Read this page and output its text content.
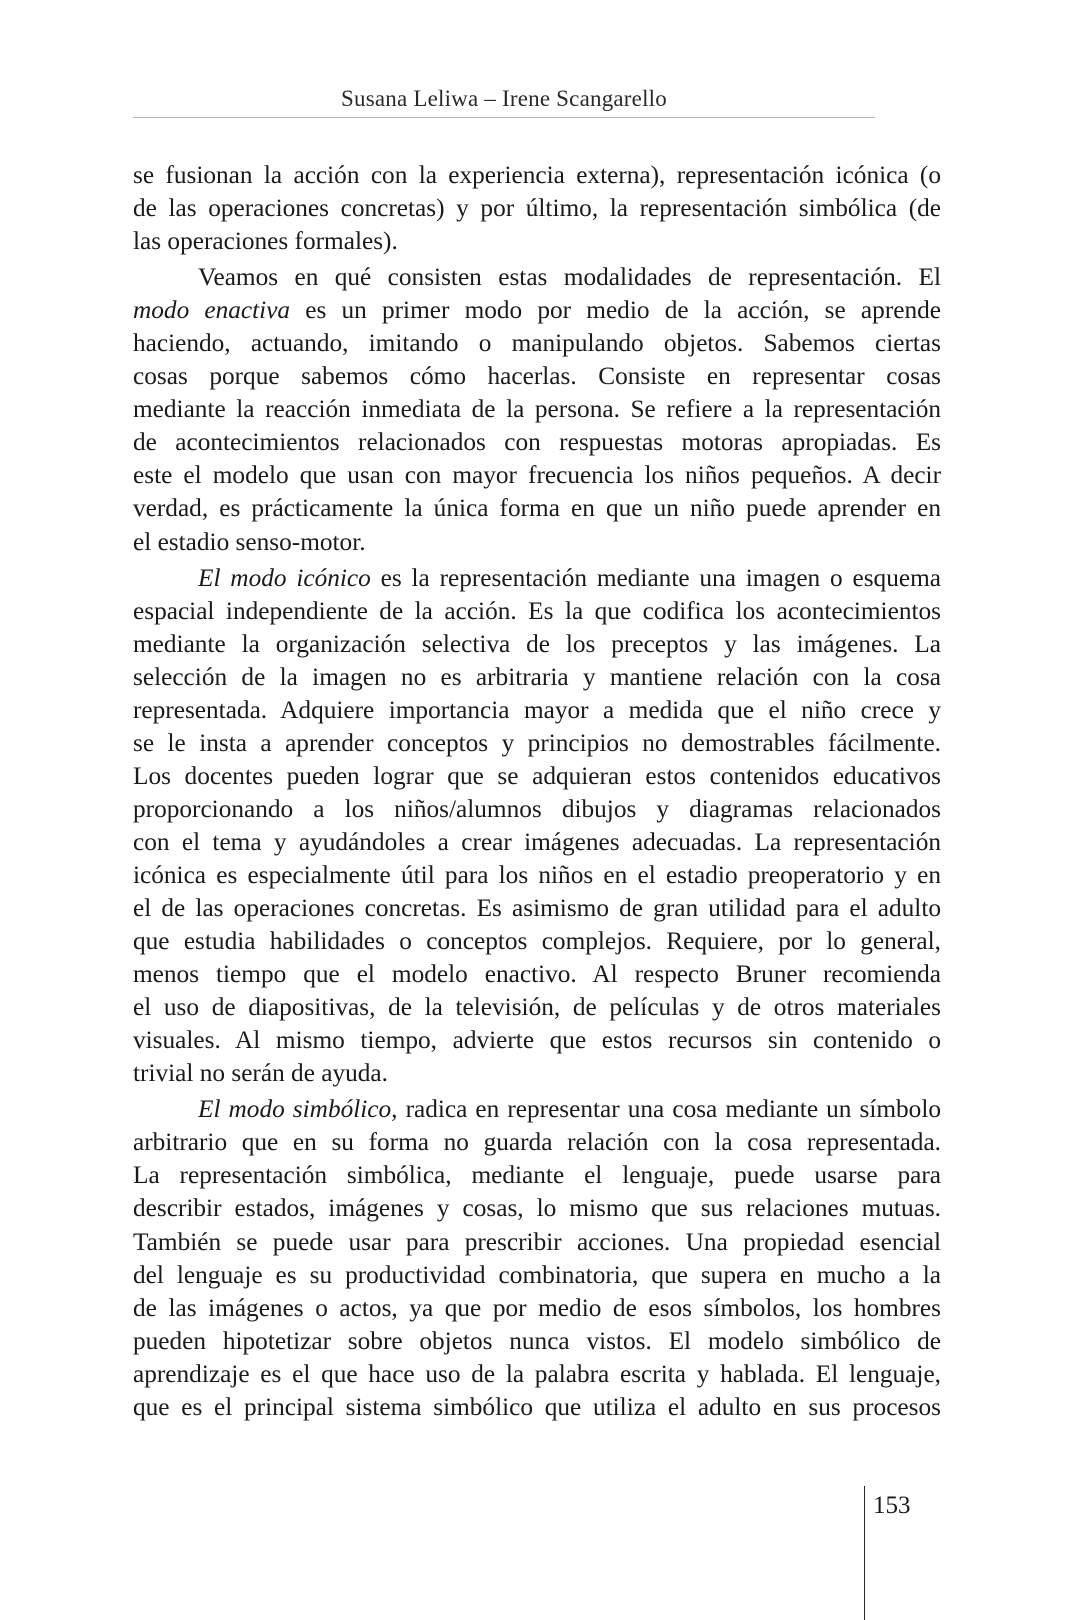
Susana Leliwa – Irene Scangarello
se fusionan la acción con la experiencia externa), representación icónica (o
de las operaciones concretas) y por último, la representación simbólica (de
las operaciones formales).
Veamos en qué consisten estas modalidades de representación. El
modo enactiva es un primer modo por medio de la acción, se aprende
haciendo, actuando, imitando o manipulando objetos. Sabemos ciertas
cosas porque sabemos cómo hacerlas. Consiste en representar cosas
mediante la reacción inmediata de la persona. Se refiere a la representación
de acontecimientos relacionados con respuestas motoras apropiadas. Es
este el modelo que usan con mayor frecuencia los niños pequeños. A decir
verdad, es prácticamente la única forma en que un niño puede aprender en
el estadio senso-motor.
El modo icónico es la representación mediante una imagen o esquema
espacial independiente de la acción. Es la que codifica los acontecimientos
mediante la organización selectiva de los preceptos y las imágenes. La
selección de la imagen no es arbitraria y mantiene relación con la cosa
representada. Adquiere importancia mayor a medida que el niño crece y
se le insta a aprender conceptos y principios no demostrables fácilmente.
Los docentes pueden lograr que se adquieran estos contenidos educativos
proporcionando a los niños/alumnos dibujos y diagramas relacionados
con el tema y ayudándoles a crear imágenes adecuadas. La representación
icónica es especialmente útil para los niños en el estadio preoperatorio y en
el de las operaciones concretas. Es asimismo de gran utilidad para el adulto
que estudia habilidades o conceptos complejos. Requiere, por lo general,
menos tiempo que el modelo enactivo. Al respecto Bruner recomienda
el uso de diapositivas, de la televisión, de películas y de otros materiales
visuales. Al mismo tiempo, advierte que estos recursos sin contenido o
trivial no serán de ayuda.
El modo simbólico, radica en representar una cosa mediante un símbolo
arbitrario que en su forma no guarda relación con la cosa representada.
La representación simbólica, mediante el lenguaje, puede usarse para
describir estados, imágenes y cosas, lo mismo que sus relaciones mutuas.
También se puede usar para prescribir acciones. Una propiedad esencial
del lenguaje es su productividad combinatoria, que supera en mucho a la
de las imágenes o actos, ya que por medio de esos símbolos, los hombres
pueden hipotetizar sobre objetos nunca vistos. El modelo simbólico de
aprendizaje es el que hace uso de la palabra escrita y hablada. El lenguaje,
que es el principal sistema simbólico que utiliza el adulto en sus procesos
153
